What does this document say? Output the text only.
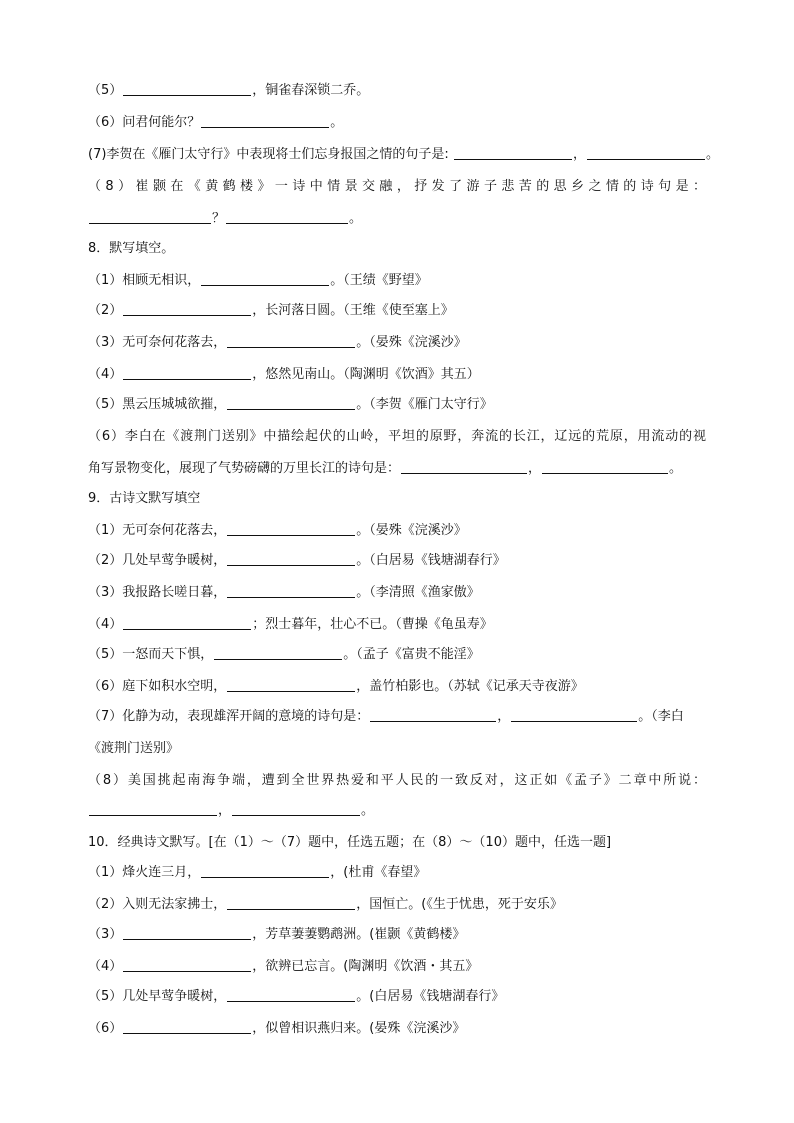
（5）	，铜雀春深锁二乔。
（6）问君何能尔？	。
(7)李贺在《雁门太守行》中表现将士们忘身报国之情的句子是:	，	。
（8）崔颢在《黄鹤楼》一诗中情景交融，抒发了游子悲苦的思乡之情的诗句是：
？	。
8．默写填空。
（1）相顾无相识，	。（王绩《野望》
（2）	，长河落日圆。（王维《使至塞上》
（3）无可奈何花落去，	。（晏殊《浣溪沙》
（4）	，悠然见南山。（陶渊明《饮酒》其五）
（5）黑云压城城欲摧，	。（李贺《雁门太守行》
（6）李白在《渡荆门送别》中描绘起伏的山岭，平坦的原野，奔流的长江，辽远的荒原，用流动的视
角写景物变化，展现了气势磅礴的万里长江的诗句是：	，	。
9．古诗文默写填空
（1）无可奈何花落去，	。（晏殊《浣溪沙》
（2）几处早莺争暖树，	。（白居易《钱塘湖春行》
（3）我报路长嗟日暮，	。（李清照《渔家傲》
（4）	；烈士暮年，壮心不已。（曹操《龟虽寿》
（5）一怒而天下惧，	。（孟子《富贵不能淫》
（6）庭下如积水空明，	，盖竹柏影也。（苏轼《记承天寺夜游》
（7）化静为动，表现雄浑开阔的意境的诗句是：	，	。（李白
《渡荆门送别》
（8）美国挑起南海争端，遭到全世界热爱和平人民的一致反对，这正如《孟子》二章中所说：
，	。
10．经典诗文默写。[在（1）～（7）题中，任选五题；在（8）～（10）题中，任选一题]
（1）烽火连三月，	，(杜甫《春望》
（2）入则无法家拂士，	，国恒亡。(《生于忧患，死于安乐》
（3）	，芳草萋萋鹦鹉洲。(崔颢《黄鹤楼》
（4）	，欲辨已忘言。(陶渊明《饮酒・其五》
（5）几处早莺争暖树，	。(白居易《钱塘湖春行》
（6）	，似曾相识燕归来。(晏殊《浣溪沙》
